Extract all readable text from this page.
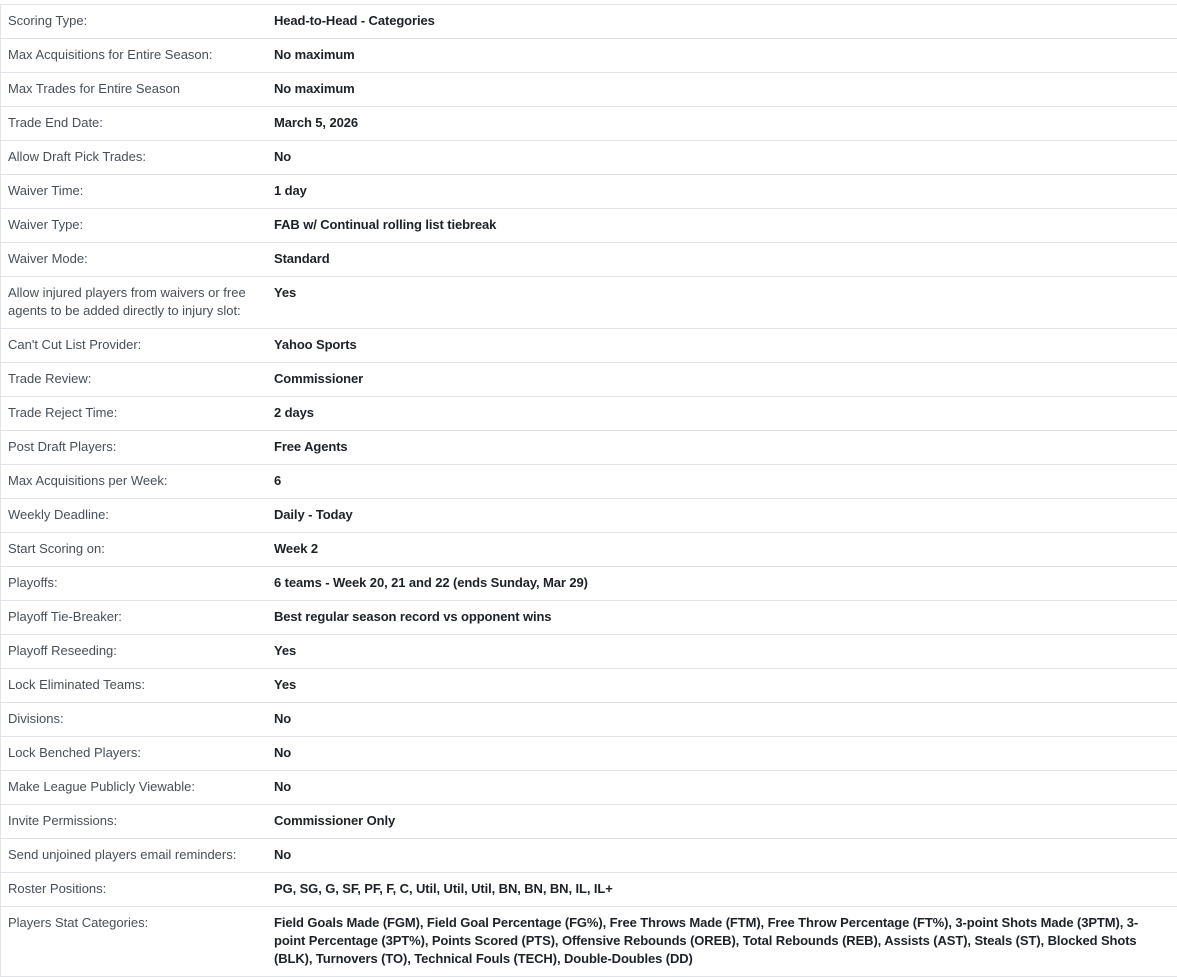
Scoring Type:	Head-to-Head - Categories
Max Acquisitions for Entire Season:	No maximum
Max Trades for Entire Season	No maximum
Trade End Date:	March 5, 2026
Allow Draft Pick Trades:	No
Waiver Time:	1 day
Waiver Type:	FAB w/ Continual rolling list tiebreak
Waiver Mode:	Standard
Allow injured players from waivers or free agents to be added directly to injury slot:
Yes
Can't Cut List Provider:	Yahoo Sports
Trade Review:	Commissioner
Trade Reject Time:	2 days
Post Draft Players:	Free Agents
Max Acquisitions per Week:	6
Weekly Deadline:	Daily - Today
Start Scoring on:	Week 2
Playoffs:	6 teams - Week 20, 21 and 22 (ends Sunday, Mar 29)
Playoff Tie-Breaker:	Best regular season record vs opponent wins
Playoff Reseeding:	Yes
Lock Eliminated Teams:	Yes
Divisions:	No
Lock Benched Players:	No
Make League Publicly Viewable:	No
Invite Permissions:	Commissioner Only
Send unjoined players email reminders:	No
Roster Positions:	PG, SG, G, SF, PF, F, C, Util, Util, Util, BN, BN, BN, IL, IL+
Players Stat Categories:	Field Goals Made (FGM), Field Goal Percentage (FG%), Free Throws Made (FTM), Free Throw Percentage (FT%), 3-point Shots Made (3PTM), 3-point Percentage (3PT%), Points Scored (PTS), Offensive Rebounds (OREB), Total Rebounds (REB), Assists (AST), Steals (ST), Blocked Shots (BLK), Turnovers (TO), Technical Fouls (TECH), Double-Doubles (DD)
